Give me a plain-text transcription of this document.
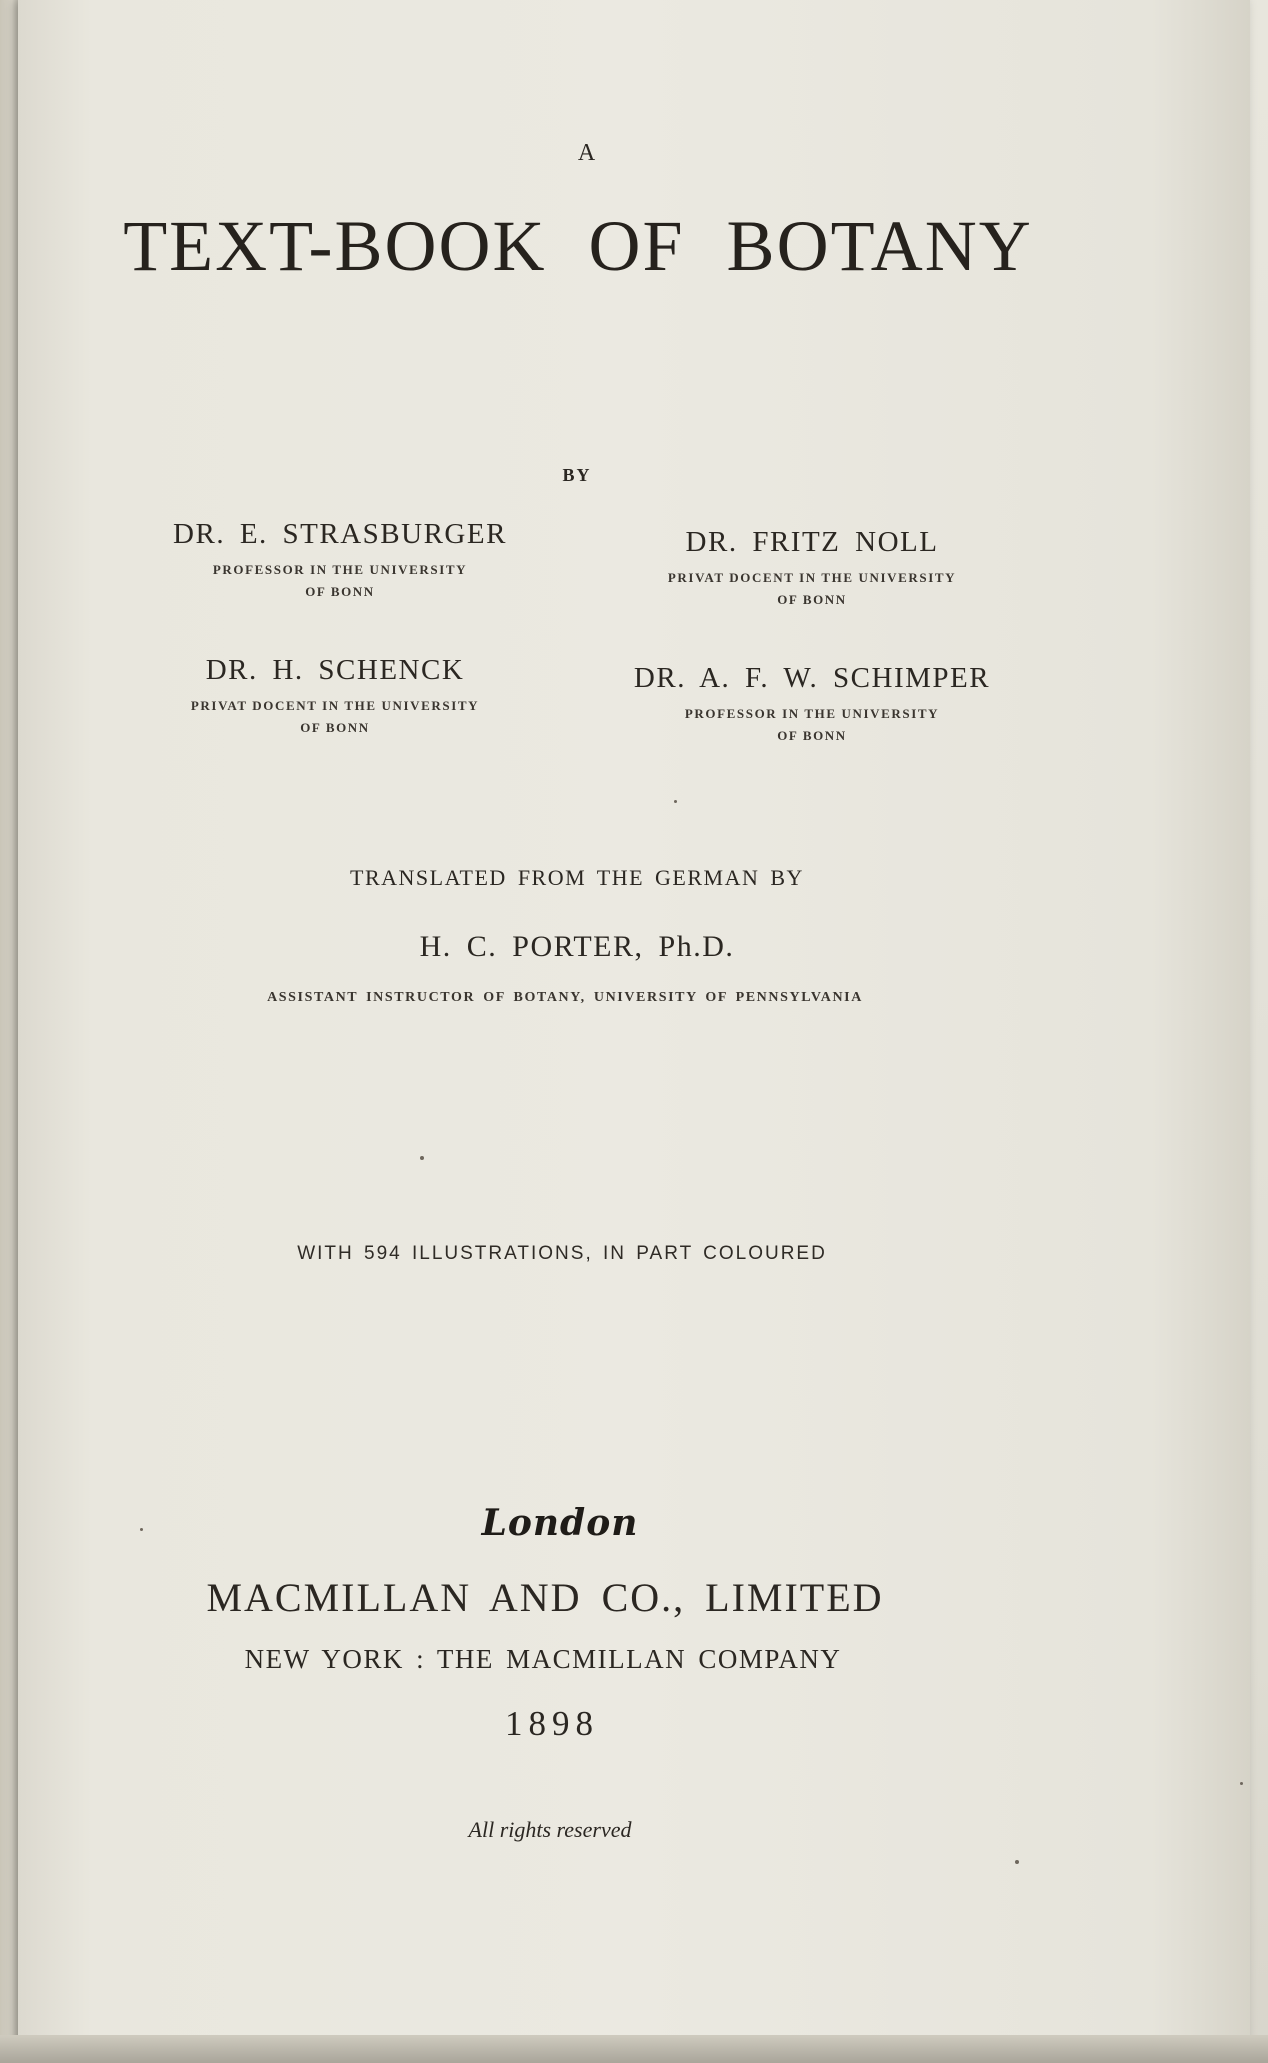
A
TEXT-BOOK OF BOTANY
BY
DR. E. STRASBURGER
PROFESSOR IN THE UNIVERSITY
OF BONN
DR. FRITZ NOLL
PRIVAT DOCENT IN THE UNIVERSITY
OF BONN
DR. H. SCHENCK
PRIVAT DOCENT IN THE UNIVERSITY
OF BONN
DR. A. F. W. SCHIMPER
PROFESSOR IN THE UNIVERSITY
OF BONN
TRANSLATED FROM THE GERMAN BY
H. C. PORTER, Ph.D.
ASSISTANT INSTRUCTOR OF BOTANY, UNIVERSITY OF PENNSYLVANIA
WITH 594 ILLUSTRATIONS, IN PART COLOURED
London
MACMILLAN AND CO., LIMITED
NEW YORK : THE MACMILLAN COMPANY
1898
All rights reserved
